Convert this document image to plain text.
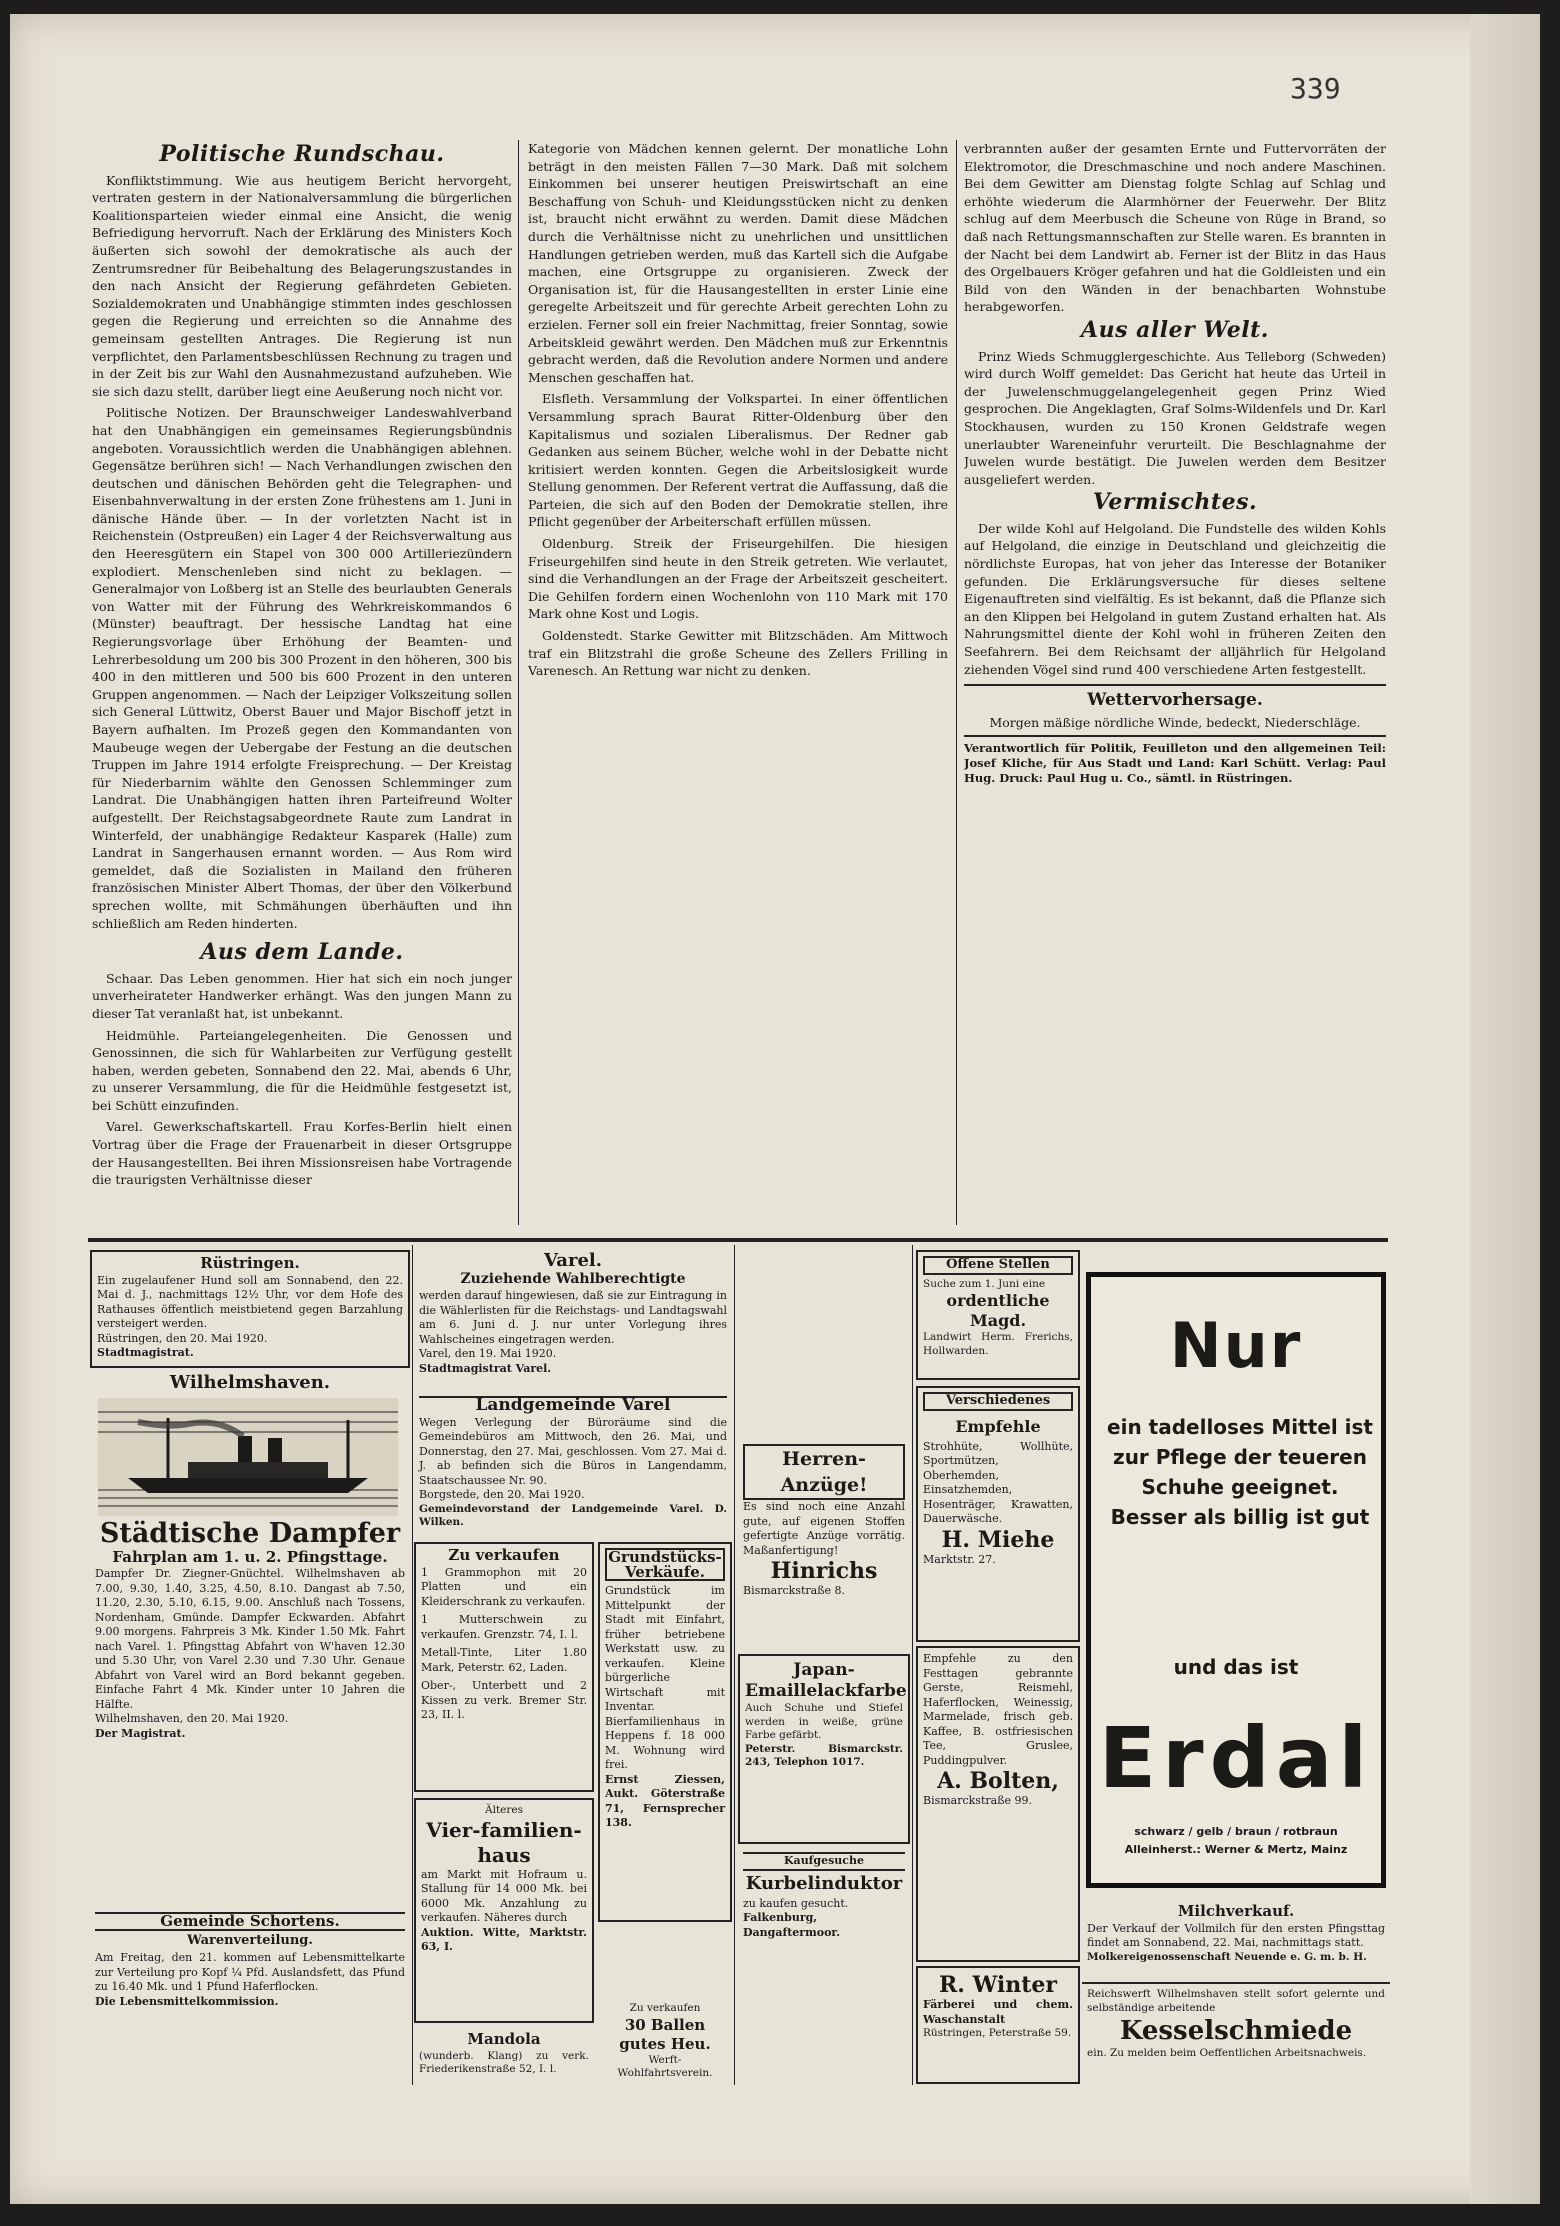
339
Politische Rundschau.

Konfliktstimmung. Wie aus heutigem Bericht hervorgeht, vertraten gestern in der Nationalversammlung die bürgerlichen Koalitionsparteien wieder einmal eine Ansicht, die wenig Befriedigung hervorruft. Nach der Erklärung des Ministers Koch äußerten sich sowohl der demokratische als auch der Zentrumsredner für Beibehaltung des Belagerungszustandes in den nach Ansicht der Regierung gefährdeten Gebieten. Sozialdemokraten und Unabhängige stimmten indes geschlossen gegen die Regierung und erreichten so die Annahme des gemeinsam gestellten Antrages. Die Regierung ist nun verpflichtet, den Parlamentsbeschlüssen Rechnung zu tragen und in der Zeit bis zur Wahl den Ausnahmezustand aufzuheben. Wie sie sich dazu stellt, darüber liegt eine Aeußerung noch nicht vor.

Politische Notizen. Der Braunschweiger Landeswahlverband hat den Unabhängigen ein gemeinsames Regierungsbündnis angeboten. Voraussichtlich werden die Unabhängigen ablehnen. Gegensätze berühren sich! — Nach Verhandlungen zwischen den deutschen und dänischen Behörden geht die Telegraphen- und Eisenbahnverwaltung in der ersten Zone frühestens am 1. Juni in dänische Hände über. — In der vorletzten Nacht ist in Reichenstein (Ostpreußen) ein Lager 4 der Reichsverwaltung aus den Heeresgütern ein Stapel von 300 000 Artilleriezündern explodiert. Menschenleben sind nicht zu beklagen. — Generalmajor von Loßberg ist an Stelle des beurlaubten Generals von Watter mit der Führung des Wehrkreiskommandos 6 (Münster) beauftragt. Der hessische Landtag hat eine Regierungsvorlage über Erhöhung der Beamten- und Lehrerbesoldung um 200 bis 300 Prozent in den höheren, 300 bis 400 in den mittleren und 500 bis 600 Prozent in den unteren Gruppen angenommen. — Nach der Leipziger Volkszeitung sollen sich General Lüttwitz, Oberst Bauer und Major Bischoff jetzt in Bayern aufhalten. Im Prozeß gegen den Kommandanten von Maubeuge wegen der Uebergabe der Festung an die deutschen Truppen im Jahre 1914 erfolgte Freisprechung. — Der Kreistag für Niederbarnim wählte den Genossen Schlemminger zum Landrat. Die Unabhängigen hatten ihren Parteifreund Wolter aufgestellt. Der Reichstagsabgeordnete Raute zum Landrat in Winterfeld, der unabhängige Redakteur Kasparek (Halle) zum Landrat in Sangerhausen ernannt worden. — Aus Rom wird gemeldet, daß die Sozialisten in Mailand den früheren französischen Minister Albert Thomas, der über den Völkerbund sprechen wollte, mit Schmähungen überhäuften und ihn schließlich am Reden hinderten.

Aus dem Lande.

Schaar. Das Leben genommen. Hier hat sich ein noch junger unverheirateter Handwerker erhängt. Was den jungen Mann zu dieser Tat veranlaßt hat, ist unbekannt.

Heidmühle. Parteiangelegenheiten. Die Genossen und Genossinnen, die sich für Wahlarbeiten zur Verfügung gestellt haben, werden gebeten, Sonnabend den 22. Mai, abends 6 Uhr, zu unserer Versammlung, die für die Heidmühle festgesetzt ist, bei Schütt einzufinden.

Varel. Gewerkschaftskartell. Frau Korfes-Berlin hielt einen Vortrag über die Frage der Frauenarbeit in dieser Ortsgruppe der Hausangestellten. Bei ihren Missionsreisen habe Vortragende die traurigsten Verhältnisse dieser

Kategorie von Mädchen kennen gelernt. Der monatliche Lohn beträgt in den meisten Fällen 7—30 Mark. Daß mit solchem Einkommen bei unserer heutigen Preiswirtschaft an eine Beschaffung von Schuh- und Kleidungsstücken nicht zu denken ist, braucht nicht erwähnt zu werden. Damit diese Mädchen durch die Verhältnisse nicht zu unehrlichen und unsittlichen Handlungen getrieben werden, muß das Kartell sich die Aufgabe machen, eine Ortsgruppe zu organisieren. Zweck der Organisation ist, für die Hausangestellten in erster Linie eine geregelte Arbeitszeit und für gerechte Arbeit gerechten Lohn zu erzielen. Ferner soll ein freier Nachmittag, freier Sonntag, sowie Arbeitskleid gewährt werden. Den Mädchen muß zur Erkenntnis gebracht werden, daß die Revolution andere Normen und andere Menschen geschaffen hat.

Elsfleth. Versammlung der Volkspartei. In einer öffentlichen Versammlung sprach Baurat Ritter-Oldenburg über den Kapitalismus und sozialen Liberalismus. Der Redner gab Gedanken aus seinem Bücher, welche wohl in der Debatte nicht kritisiert werden konnten. Gegen die Arbeitslosigkeit wurde Stellung genommen. Der Referent vertrat die Auffassung, daß die Parteien, die sich auf den Boden der Demokratie stellen, ihre Pflicht gegenüber der Arbeiterschaft erfüllen müssen.

Oldenburg. Streik der Friseurgehilfen. Die hiesigen Friseurgehilfen sind heute in den Streik getreten. Wie verlautet, sind die Verhandlungen an der Frage der Arbeitszeit gescheitert. Die Gehilfen fordern einen Wochenlohn von 110 Mark mit 170 Mark ohne Kost und Logis.

Goldenstedt. Starke Gewitter mit Blitzschäden. Am Mittwoch traf ein Blitzstrahl die große Scheune des Zellers Frilling in Varenesch. An Rettung war nicht zu denken.

verbrannten außer der gesamten Ernte und Futtervorräten der Elektromotor, die Dreschmaschine und noch andere Maschinen. Bei dem Gewitter am Dienstag folgte Schlag auf Schlag und erhöhte wiederum die Alarmhörner der Feuerwehr. Der Blitz schlug auf dem Meerbusch die Scheune von Rüge in Brand, so daß nach Rettungsmannschaften zur Stelle waren. Es brannten in der Nacht bei dem Landwirt ab. Ferner ist der Blitz in das Haus des Orgelbauers Kröger gefahren und hat die Goldleisten und ein Bild von den Wänden in der benachbarten Wohnstube herabgeworfen.

Aus aller Welt.

Prinz Wieds Schmugglergeschichte. Aus Telleborg (Schweden) wird durch Wolff gemeldet: Das Gericht hat heute das Urteil in der Juwelenschmuggelangelegenheit gegen Prinz Wied gesprochen. Die Angeklagten, Graf Solms-Wildenfels und Dr. Karl Stockhausen, wurden zu 150 Kronen Geldstrafe wegen unerlaubter Wareneinfuhr verurteilt. Die Beschlagnahme der Juwelen wurde bestätigt. Die Juwelen werden dem Besitzer ausgeliefert werden.

Vermischtes.

Der wilde Kohl auf Helgoland. Die Fundstelle des wilden Kohls auf Helgoland, die einzige in Deutschland und gleichzeitig die nördlichste Europas, hat von jeher das Interesse der Botaniker gefunden. Die Erklärungsversuche für dieses seltene Eigenauftreten sind vielfältig. Es ist bekannt, daß die Pflanze sich an den Klippen bei Helgoland in gutem Zustand erhalten hat. Als Nahrungsmittel diente der Kohl wohl in früheren Zeiten den Seefahrern. Bei dem Reichsamt der alljährlich für Helgoland ziehenden Vögel sind rund 400 verschiedene Arten festgestellt.

Wettervorhersage.

Morgen mäßige nördliche Winde, bedeckt, Niederschläge.

Verantwortlich für Politik, Feuilleton und den allgemeinen Teil: Josef Kliche, für Aus Stadt und Land: Karl Schütt. Verlag: Paul Hug. Druck: Paul Hug u. Co., sämtl. in Rüstringen.

Rüstringen.

Ein zugelaufener Hund soll am Sonnabend, den 22. Mai d. J., nachmittags 12½ Uhr, vor dem Hofe des Rathauses öffentlich meistbietend gegen Barzahlung versteigert werden.

Rüstringen, den 20. Mai 1920.

Stadtmagistrat.

Wilhelmshaven.
Städtische Dampfer
Fahrplan am 1. u. 2. Pfingsttage.

Dampfer Dr. Ziegner-Gnüchtel. Wilhelmshaven ab 7.00, 9.30, 1.40, 3.25, 4.50, 8.10. Dangast ab 7.50, 11.20, 2.30, 5.10, 6.15, 9.00. Anschluß nach Tossens, Nordenham, Gmünde. Dampfer Eckwarden. Abfahrt 9.00 morgens. Fahrpreis 3 Mk. Kinder 1.50 Mk. Fahrt nach Varel. 1. Pfingsttag Abfahrt von W'haven 12.30 und 5.30 Uhr, von Varel 2.30 und 7.30 Uhr. Genaue Abfahrt von Varel wird an Bord bekannt gegeben. Einfache Fahrt 4 Mk. Kinder unter 10 Jahren die Hälfte.

Wilhelmshaven, den 20. Mai 1920.

Der Magistrat.

Gemeinde Schortens.
Warenverteilung.

Am Freitag, den 21. kommen auf Lebensmittelkarte zur Verteilung pro Kopf ¼ Pfd. Auslandsfett, das Pfund zu 16.40 Mk. und 1 Pfund Haferflocken.

Die Lebensmittelkommission.

Varel.
Zuziehende Wahlberechtigte

werden darauf hingewiesen, daß sie zur Eintragung in die Wählerlisten für die Reichstags- und Landtagswahl am 6. Juni d. J. nur unter Vorlegung ihres Wahlscheines eingetragen werden.

Varel, den 19. Mai 1920.

Stadtmagistrat Varel.

Landgemeinde Varel

Wegen Verlegung der Büroräume sind die Gemeindebüros am Mittwoch, den 26. Mai, und Donnerstag, den 27. Mai, geschlossen. Vom 27. Mai d. J. ab befinden sich die Büros in Langendamm, Staatschaussee Nr. 90.

Borgstede, den 20. Mai 1920.

Gemeindevorstand der Landgemeinde Varel. D. Wilken.

Zu verkaufen

1 Grammophon mit 20 Platten und ein Kleiderschrank zu verkaufen.

1 Mutterschwein zu verkaufen. Grenzstr. 74, I. l.

Metall-Tinte, Liter 1.80 Mark, Peterstr. 62, Laden.

Ober-, Unterbett und 2 Kissen zu verk. Bremer Str. 23, II. l.

Älteres
Vier-familien-haus

am Markt mit Hofraum u. Stallung für 14 000 Mk. bei 6000 Mk. Anzahlung zu verkaufen. Näheres durch

Auktion. Witte, Marktstr. 63, I.

Mandola

(wunderb. Klang) zu verk. Friederikenstraße 52, I. l.

Grundstücks-Verkäufe.

Grundstück im Mittelpunkt der Stadt mit Einfahrt, früher betriebene Werkstatt usw. zu verkaufen. Kleine bürgerliche Wirtschaft mit Inventar. Bierfamilienhaus in Heppens f. 18 000 M. Wohnung wird frei.

Ernst Ziessen, Aukt. Göterstraße 71, Fernsprecher 138.

Zu verkaufen
30 Ballen gutes Heu.
Werft-Wohlfahrtsverein.
Herren-Anzüge!

Es sind noch eine Anzahl gute, auf eigenen Stoffen gefertigte Anzüge vorrätig. Maßanfertigung!

Hinrichs

Bismarckstraße 8.

Japan-Emaillelackfarbe

Auch Schuhe und Stiefel werden in weiße, grüne Farbe gefärbt.

Peterstr. Bismarckstr. 243, Telephon 1017.

Kaufgesuche
Kurbelinduktor

zu kaufen gesucht.

Falkenburg, Dangaftermoor.

Offene Stellen

Suche zum 1. Juni eine

ordentliche Magd.

Landwirt Herm. Frerichs, Hollwarden.

Verschiedenes
Empfehle

Strohhüte, Wollhüte, Sportmützen, Oberhemden, Einsatzhemden, Hosenträger, Krawatten, Dauerwäsche.

H. Miehe

Marktstr. 27.

Empfehle zu den Festtagen gebrannte Gerste, Reismehl, Haferflocken, Weinessig, Marmelade, frisch geb. Kaffee, B. ostfriesischen Tee, Gruslee, Puddingpulver.

A. Bolten,

Bismarckstraße 99.

R. Winter

Färberei und chem. Waschanstalt

Rüstringen, Peterstraße 59.

Nur
ein tadelloses Mittel ist zur Pflege der teueren Schuhe geeignet. Besser als billig ist gut
und das ist
Erdal
schwarz / gelb / braun / rotbraun
Alleinherst.: Werner & Mertz, Mainz
Milchverkauf.

Der Verkauf der Vollmilch für den ersten Pfingsttag findet am Sonnabend, 22. Mai, nachmittags statt.

Molkereigenossenschaft Neuende e. G. m. b. H.

Reichswerft Wilhelmshaven stellt sofort gelernte und selbständige arbeitende

Kesselschmiede

ein. Zu melden beim Oeffentlichen Arbeitsnachweis.
